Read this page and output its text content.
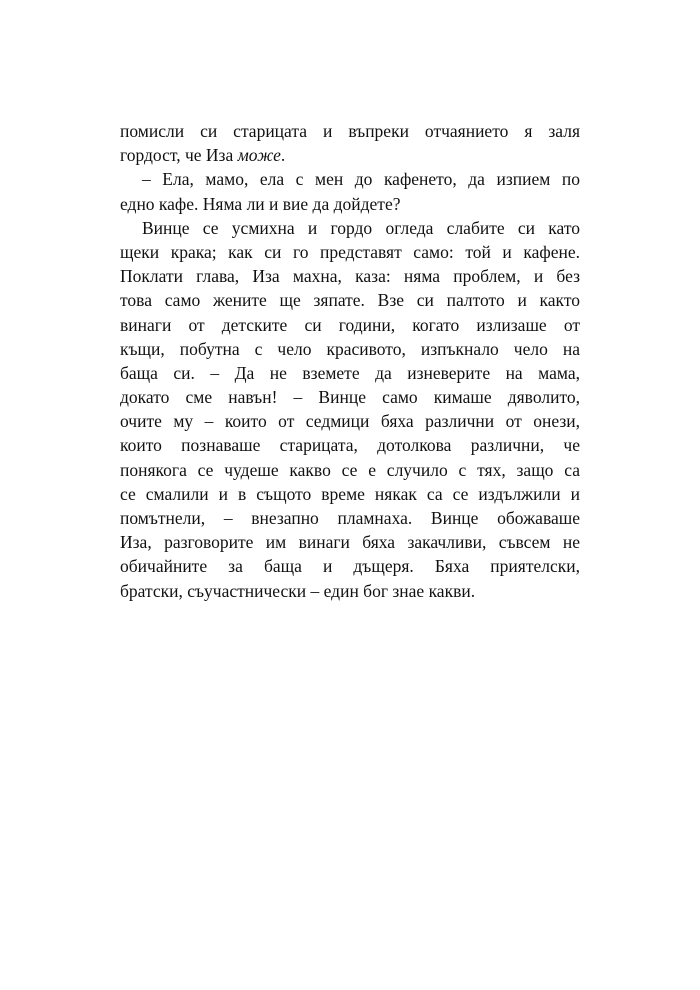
помисли си старицата и въпреки отчаянието я заля
гордост, че Иза може.
– Ела, мамо, ела с мен до кафенето, да изпием по
едно кафе. Няма ли и вие да дойдете?
Винце се усмихна и гордо огледа слабите си като
щеки крака; как си го представят само: той и кафене.
Поклати глава, Иза махна, каза: няма проблем, и без
това само жените ще зяпате. Взе си палтото и както
винаги от детските си години, когато излизаше от
къщи, побутна с чело красивото, изпъкнало чело на
баща си. – Да не вземете да изневерите на мама,
докато сме навън! – Винце само кимаше дяволито,
очите му – които от седмици бяха различни от онези,
които познаваше старицата, дотолкова различни, че
понякога се чудеше какво се е случило с тях, защо са
се смалили и в същото време някак са се издължили и
помътнели, – внезапно пламнаха. Винце обожаваше
Иза, разговорите им винаги бяха закачливи, съвсем не
обичайните за баща и дъщеря. Бяха приятелски,
братски, съучастнически – един бог знае какви.
